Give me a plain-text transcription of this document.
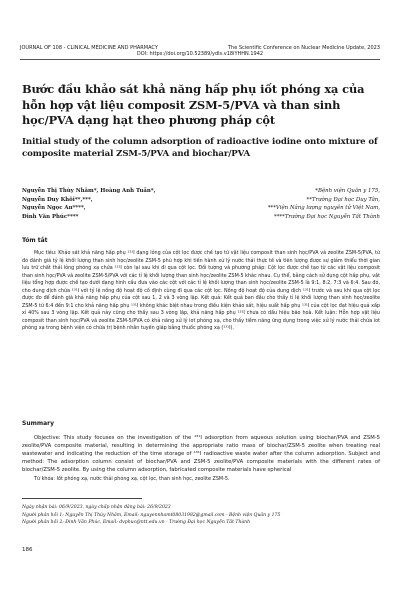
JOURNAL OF 108 - CLINICAL MEDICINE AND PHARMACY	The Scientific Conference on Nuclear Medicine Update, 2023
DOI: https://doi.org/10.52389/ydls.v18iYHHN.1942
Bước đầu khảo sát khả năng hấp phụ iốt phóng xạ của hỗn hợp vật liệu composit ZSM-5/PVA và than sinh học/PVA dạng hạt theo phương pháp cột
Initial study of the column adsorption of radioactive iodine onto mixture of composite material ZSM-5/PVA and biochar/PVA
Nguyễn Thị Thùy Nhâm*, Hoàng Anh Tuấn*,
Nguyễn Duy Khôi**,***,
Nguyễn Ngọc An****,
Đinh Văn Phúc****
*Bệnh viện Quân y 175,
**Trường Đại học Duy Tân,
***Viện Nâng lượng nguyên tử Việt Nam,
****Trường Đại học Nguyễn Tất Thành
Tóm tắt

Mục tiêu: Khảo sát khả năng hấp phụ ¹³¹I dạng lỏng của cột lọc được chế tạo từ vật liệu composit than sinh học/PVA và zeolite ZSM-5/PVA, từ đó đánh giá tỷ lệ khối lượng than sinh học/zeolite ZSM-5 phù hợp khi tiến hành xử lý nước thải thực tế và tiên lượng được sự giảm thiểu thời gian lưu trữ chất thải lỏng phóng xạ chứa ¹³¹I còn lại sau khi đi qua cột lọc. Đối tượng và phương pháp: Cột lọc được chế tạo từ các vật liệu composit than sinh học/PVA và zeolite ZSM-5/PVA với các tỉ lệ khối lượng than sinh học/zeolite ZSM-5 khác nhau. Cụ thể, bằng cách sử dụng cột hấp phụ, vật liệu tổng hợp được chế tạo dưới dạng hình cầu đưa vào các cột với các tỉ lệ khối lượng than sinh học/zeolite ZSM-5 là 9:1, 8:2, 7:3 và 6:4. Sau đó, cho dung dịch chứa ¹³¹I với tỷ lệ nồng độ hoạt độ cố định cùng đi qua các cột lọc. Nồng độ hoạt độ của dung dịch ¹³¹I trước và sau khi qua cột lọc được đo để đánh giá khả năng hấp phụ của cột sau 1, 2 và 3 vòng lặp. Kết quả: Kết quả ban đầu cho thấy tỉ lệ khối lượng than sinh học/zeolite ZSM-5 từ 6:4 đến 9:1 cho khả năng hấp phụ ¹³¹I không khác biệt nhau trong điều kiện khảo sát, hiệu suất hấp phụ ¹³¹I của cột lọc đạt hiệu quả xấp xỉ 40% sau 3 vòng lặp. Kết quả này cũng cho thấy sau 3 vòng lặp, khả năng hấp phụ ¹³¹I chưa có dấu hiệu bão hoà. Kết luận: Hỗn hợp vật liệu composit than sinh học/PVA và zeolite ZSM-5/PVA có khả năng xử lý iot phóng xạ, cho thấy tiềm năng ứng dụng trong việc xử lý nước thải chứa iot phóng xạ trong bệnh viện có chữa trị bệnh nhân tuyến giáp bằng thuốc phóng xạ (¹³¹I).

Từ khóa: Iốt phóng xạ, nước thải phóng xạ, cột lọc, than sinh học, zeolite ZSM-5.
Summary

Objective: This study focuses on the investigation of the ¹³¹I adsorption from aqueous solution using biochar/PVA and ZSM-5 zeolite/PVA composite material, resulting in determining the appropriate ratio mass of biochar/ZSM-5 zeolite when treating real wastewater and indicating the reduction of the time storage of ¹³¹I radioactive waste water after the column adsorption. Subject and method: The adsorption column consist of biochar/PVA and ZSM-5 zeolite/PVA composite materials with the different rates of biochar/ZSM-5 zeolite. By using the column adsorption, fabricated composite materials have spherical

Ngày nhận bài: 06/9/2023, ngày chấp nhận đăng bài: 26/9/2023
Người phản hồi 1: Nguyễn Thị Thùy Nhâm, Email: nguyennhamt08031982@gmail.com - Bệnh viện Quân y 175
Người phản hồi 2: Đinh Văn Phúc, Email: dvphuc@ntt.edu.vn - Trường Đại học Nguyễn Tất Thành
186
